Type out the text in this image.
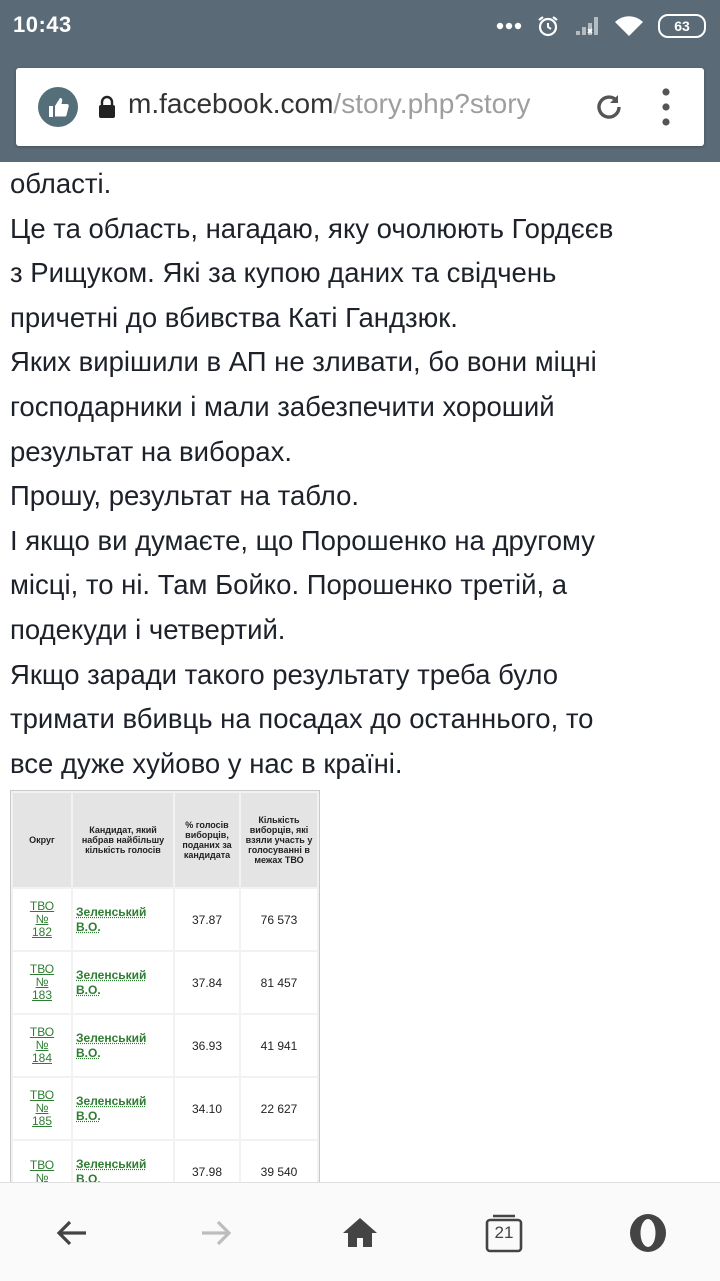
10:43	63
m.facebook.com/story.php?story
області.
Це та область, нагадаю, яку очолюють Гордєєв
з Рищуком. Які за купою даних та свідчень
причетні до вбивства Каті Гандзюк.
Яких вирішили в АП не зливати, бо вони міцні
господарники і мали забезпечити хороший
результат на виборах.
Прошу, результат на табло.
І якщо ви думаєте, що Порошенко на другому
місці, то ні. Там Бойко. Порошенко третій, а
подекуди і четвертий.
Якщо заради такого результату треба було
тримати вбивць на посадах до останнього, то
все дуже хуйово у нас в країні.
Округ	Кандидат, який набрав найбільшу кількість голосів	% голосів виборців, поданих за кандидата	Кількість виборців, які взяли участь у голосуванні в межах ТВО

ТВО
№
182	Зеленський
В.О.	37.87	76 573

ТВО
№
183	Зеленський
В.О.	37.84	81 457

ТВО
№
184	Зеленський
В.О.	36.93	41 941

ТВО
№
185	Зеленський
В.О.	34.10	22 627

ТВО
№	Зеленський
В.О.	37.98	39 540
21
